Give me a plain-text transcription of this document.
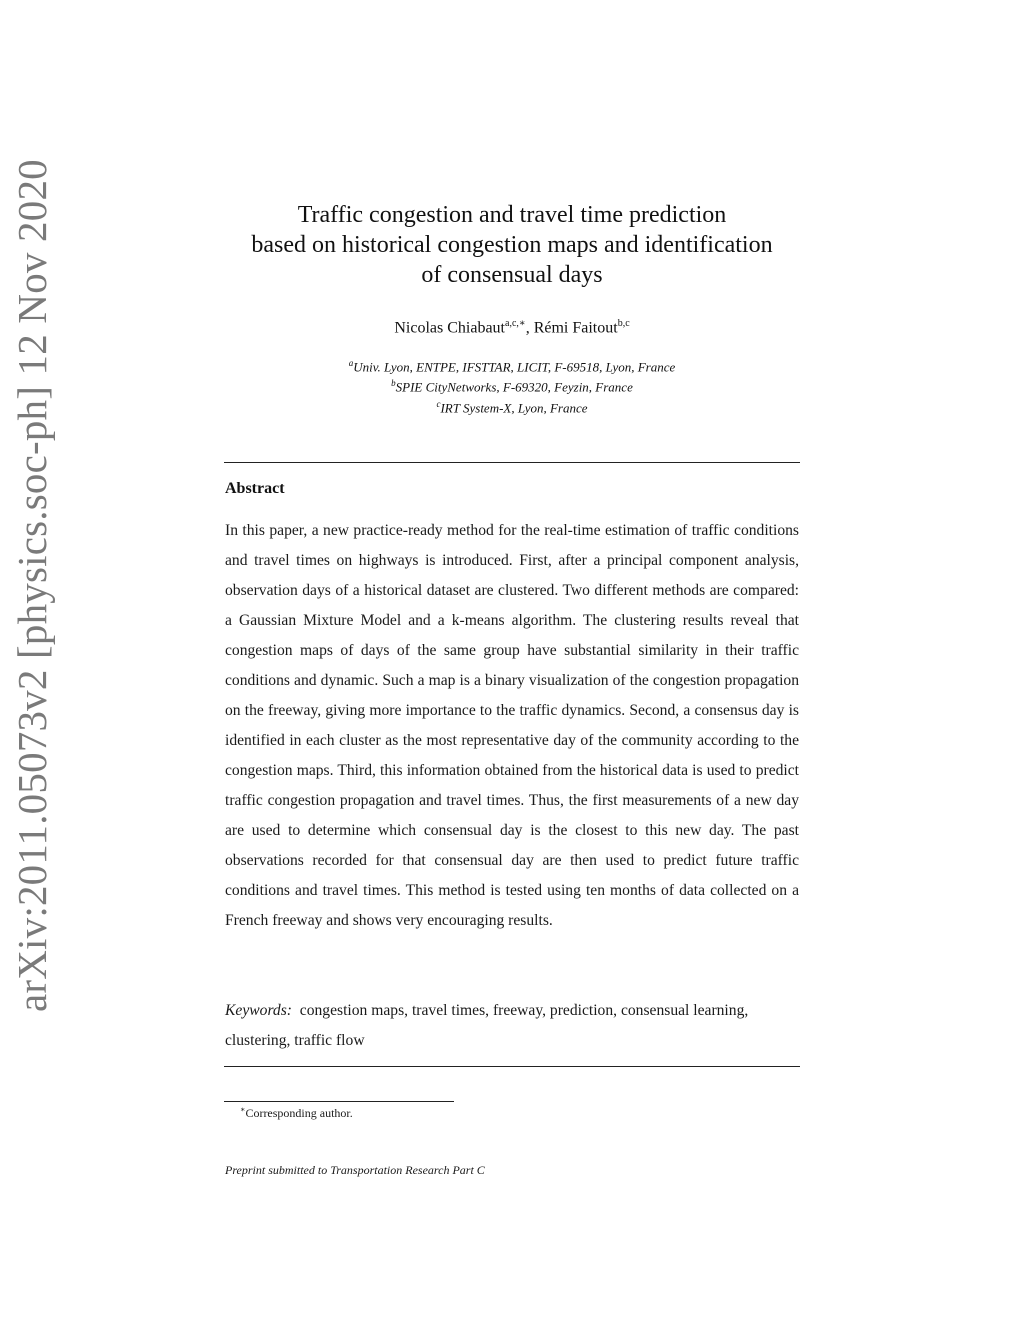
arXiv:2011.05073v2 [physics.soc-ph] 12 Nov 2020	Traffic congestion and travel time prediction
based on historical congestion maps and identification
of consensual days
Nicolas Chiabaut$^{a,c,∗}$, Rémi Faitout$^{b,c}$
$^a$Univ. Lyon, ENTPE, IFSTTAR, LICIT, F-69518, Lyon, France
$^b$SPIE CityNetworks, F-69320, Feyzin, France
$^c$IRT System-X, Lyon, France
Abstract
In this paper, a new practice-ready method for the real-time estimation of traffic conditions and travel times on highways is introduced. First, after a principal component analysis, observation days of a historical dataset are clustered. Two different methods are compared: a Gaussian Mixture Model and a k-means algorithm. The clustering results reveal that congestion maps of days of the same group have substantial similarity in their traffic conditions and dynamic. Such a map is a binary visualization of the congestion propagation on the freeway, giving more importance to the traffic dynamics. Second, a consensus day is identified in each cluster as the most representative day of the community according to the congestion maps. Third, this information obtained from the historical data is used to predict traffic congestion propagation and travel times. Thus, the first measurements of a new day are used to determine which consensual day is the closest to this new day. The past observations recorded for that consensual day are then used to predict future traffic conditions and travel times. This method is tested using ten months of data collected on a French freeway and shows very encouraging results.
Keywords: congestion maps, travel times, freeway, prediction, consensual learning, clustering, traffic flow
∗Corresponding author.
Preprint submitted to Transportation Research Part C
